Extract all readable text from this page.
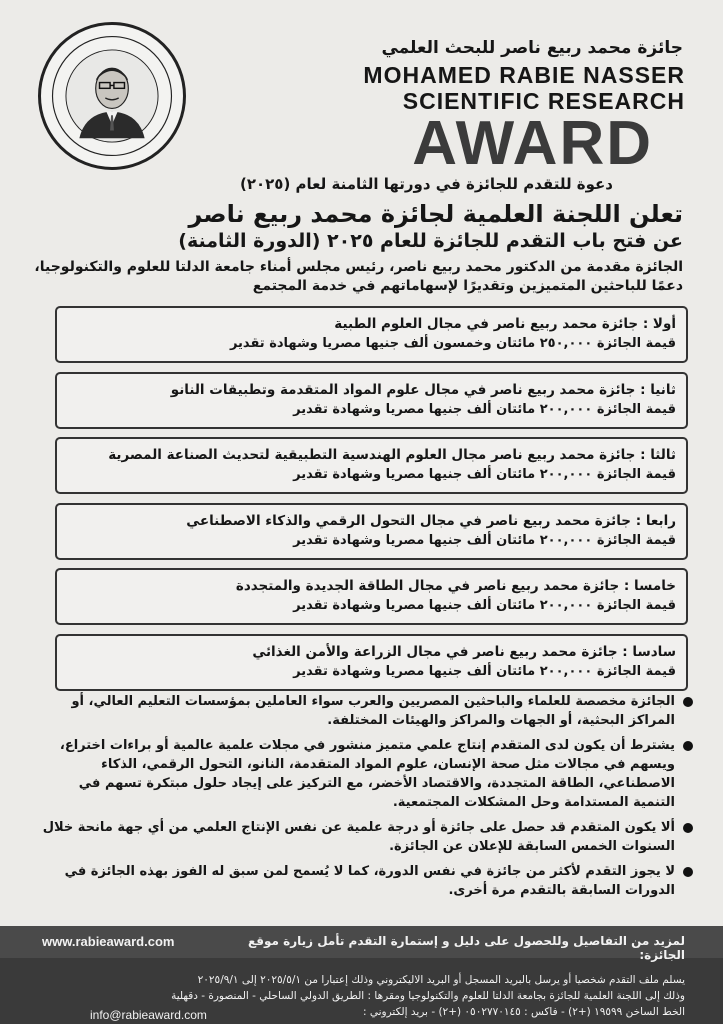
جائزة محمد ربيع ناصر للبحث العلمي
MOHAMED RABIE NASSER
SCIENTIFIC RESEARCH
AWARD
دعوة للتقدم للجائزة في دورتها الثامنة لعام (٢٠٢٥)
تعلن اللجنة العلمية لجائزة محمد ربيع ناصر
عن فتح باب التقدم للجائزة للعام ٢٠٢٥ (الدورة الثامنة)
الجائزة مقدمة من الدكتور محمد ربيع ناصر، رئيس مجلس أمناء جامعة الدلتا للعلوم والتكنولوجيا، دعمًا للباحثين المتميزين وتقديرًا لإسهاماتهم في خدمة المجتمع
أولا : جائزة محمد ربيع ناصر في مجال العلوم الطبية
قيمة الجائزة ٢٥٠,٠٠٠ مائتان وخمسون ألف جنيها مصريا وشهادة تقدير
ثانيا : جائزة محمد ربيع ناصر في مجال علوم المواد المتقدمة وتطبيقات النانو
قيمة الجائزة ٢٠٠,٠٠٠ مائتان ألف جنيها مصريا وشهادة تقدير
ثالثا : جائزة محمد ربيع ناصر مجال العلوم الهندسية التطبيقية لتحديث الصناعة المصرية
قيمة الجائزة ٢٠٠,٠٠٠ مائتان ألف جنيها مصريا وشهادة تقدير
رابعا : جائزة محمد ربيع ناصر في مجال التحول الرقمي والذكاء الاصطناعي
قيمة الجائزة ٢٠٠,٠٠٠ مائتان ألف جنيها مصريا وشهادة تقدير
خامسا : جائزة محمد ربيع ناصر في مجال الطاقة الجديدة والمتجددة
قيمة الجائزة ٢٠٠,٠٠٠ مائتان ألف جنيها مصريا وشهادة تقدير
سادسا : جائزة محمد ربيع ناصر في مجال الزراعة والأمن الغذائي
قيمة الجائزة ٢٠٠,٠٠٠ مائتان ألف جنيها مصريا وشهادة تقدير
الجائزة مخصصة للعلماء والباحثين المصريين والعرب سواء العاملين بمؤسسات التعليم العالي، أو المراكز البحثية، أو الجهات والمراكز والهيئات المختلفة.
يشترط أن يكون لدى المتقدم إنتاج علمي متميز منشور في مجلات علمية عالمية أو براءات اختراع، ويسهم في مجالات مثل صحة الإنسان، علوم المواد المتقدمة، النانو، التحول الرقمي، الذكاء الاصطناعي، الطاقة المتجددة، والاقتصاد الأخضر، مع التركيز على إيجاد حلول مبتكرة تسهم في التنمية المستدامة وحل المشكلات المجتمعية.
ألا يكون المتقدم قد حصل على جائزة أو درجة علمية عن نفس الإنتاج العلمي من أي جهة مانحة خلال السنوات الخمس السابقة للإعلان عن الجائزة.
لا يجوز التقدم لأكثر من جائزة في نفس الدورة، كما لا يُسمح لمن سبق له الفوز بهذه الجائزة في الدورات السابقة بالتقدم مرة أخرى.
www.rabieaward.com	لمزيد من التفاصيل وللحصول على دليل و إستمارة التقدم تأمل زيارة موقع الجائزة:
يسلم ملف التقدم شخصيا أو يرسل بالبريد المسجل أو البريد الاليكتروني وذلك إعتبارا من ٢٠٢٥/٥/١ إلى ٢٠٢٥/٩/١
وذلك إلى اللجنة العلمية للجائزة بجامعة الدلتا للعلوم والتكنولوجيا ومقرها : الطريق الدولي الساحلي - المنصورة - دقهلية
الخط الساخن ١٩٥٩٩ (+٢) - فاكس : ٠٥٠٢٧٧٠١٤٥ (+٢) - بريد إلكتروني :
info@rabieaward.com
